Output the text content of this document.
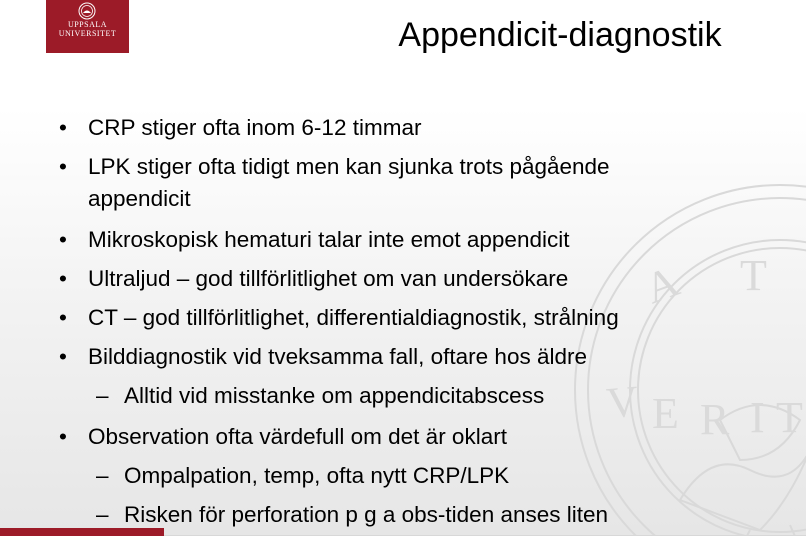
A T
V E R I T
UPPSALA
UNIVERSITET	Appendicit-diagnostik
• CRP stiger ofta inom 6-12 timmar
• LPK stiger ofta tidigt men kan sjunka trots pågående
appendicit
• Mikroskopisk hematuri talar inte emot appendicit
• Ultraljud – god tillförlitlighet om van undersökare
• CT – god tillförlitlighet, differentialdiagnostik, strålning
• Bilddiagnostik vid tveksamma fall, oftare hos äldre
– Alltid vid misstanke om appendicitabscess
• Observation ofta värdefull om det är oklart
– Ompalpation, temp, ofta nytt CRP/LPK
– Risken för perforation p g a obs-tiden anses liten
